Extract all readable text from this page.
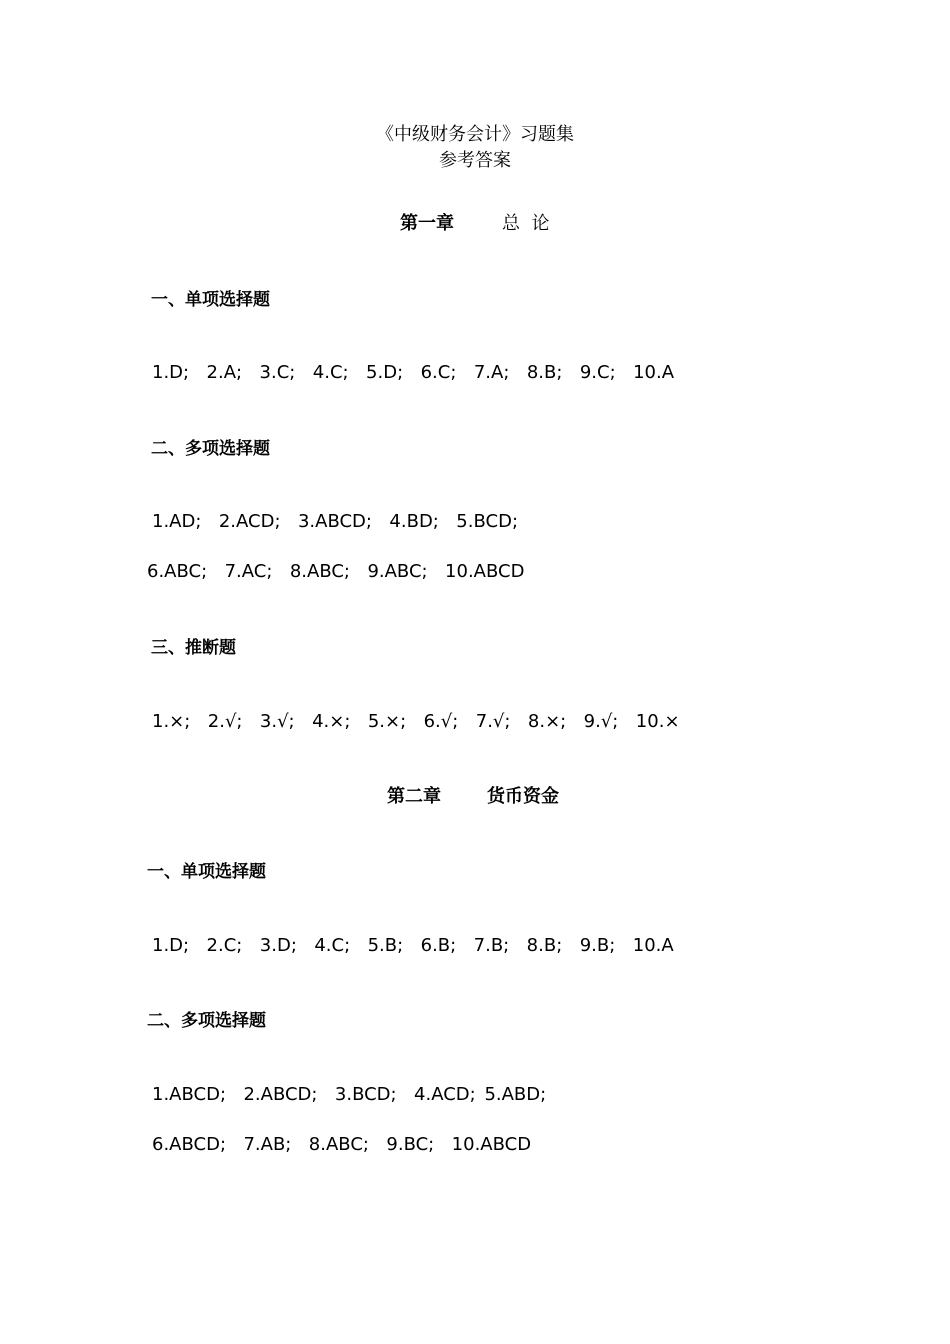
《中级财务会计》习题集
参考答案
第一章	总  论
一、单项选择题
1.D;  2.A;  3.C;  4.C;  5.D;  6.C;  7.A;  8.B;  9.C;  10.A
二、多项选择题
1.AD;  2.ACD;  3.ABCD;  4.BD;  5.BCD;
6.ABC;  7.AC;  8.ABC;  9.ABC;  10.ABCD
三、推断题
1.×;  2.√;  3.√;  4.×;  5.×;  6.√;  7.√;  8.×;  9.√;  10.×
第二章	货币资金
一、单项选择题
1.D;  2.C;  3.D;  4.C;  5.B;  6.B;  7.B;  8.B;  9.B;  10.A
二、多项选择题
1.ABCD;  2.ABCD;  3.BCD;  4.ACD; 5.ABD;
6.ABCD;  7.AB;  8.ABC;  9.BC;  10.ABCD
